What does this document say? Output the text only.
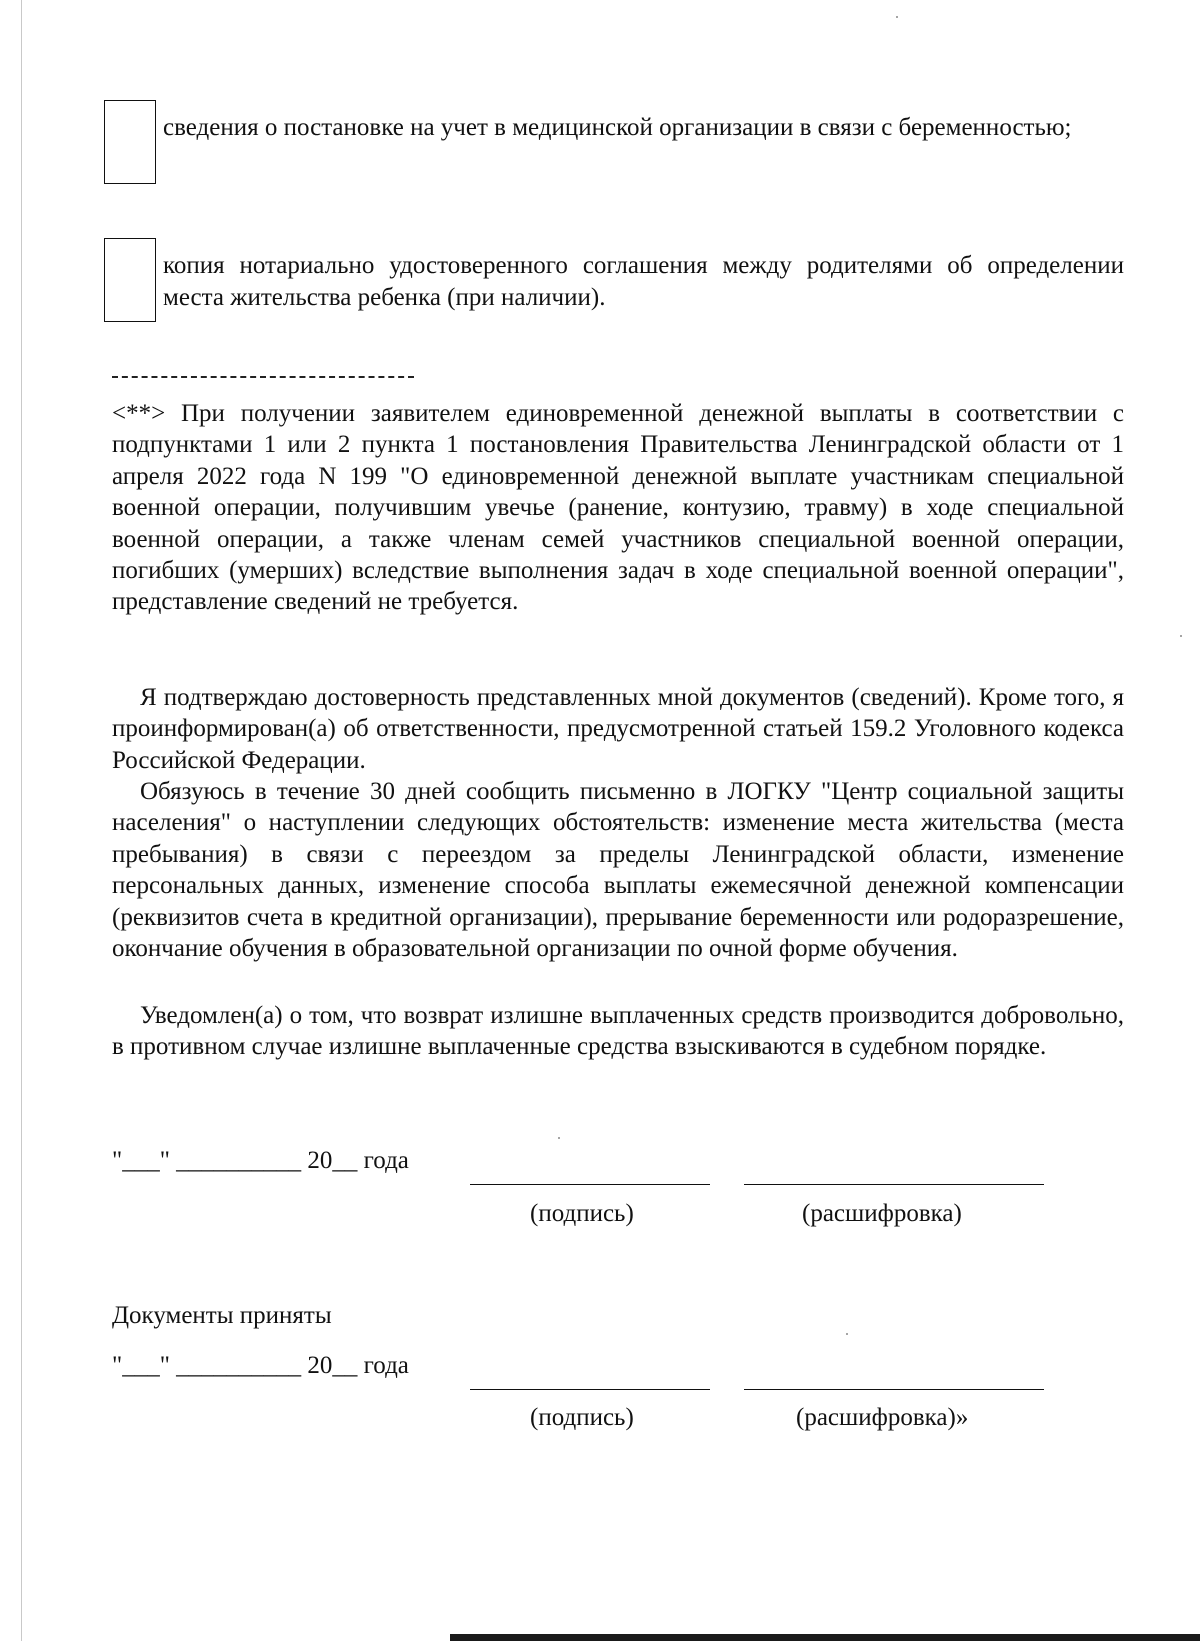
сведения о постановке на учет в медицинской организации в связи с беременностью;
копия нотариально удостоверенного соглашения между родителями об определении места жительства ребенка (при наличии).

<**> При получении заявителем единовременной денежной выплаты в соответствии с подпунктами 1 или 2 пункта 1 постановления Правительства Ленинградской области от 1 апреля 2022 года N 199 "О единовременной денежной выплате участникам специальной военной операции, получившим увечье (ранение, контузию, травму) в ходе специальной военной операции, а также членам семей участников специальной военной операции, погибших (умерших) вследствие выполнения задач в ходе специальной военной операции", представление сведений не требуется.

Я подтверждаю достоверность представленных мной документов (сведений). Кроме того, я проинформирован(а) об ответственности, предусмотренной статьей 159.2 Уголовного кодекса Российской Федерации.

Обязуюсь в течение 30 дней сообщить письменно в ЛОГКУ "Центр социальной защиты населения" о наступлении следующих обстоятельств: изменение места жительства (места пребывания) в связи с переездом за пределы Ленинградской области, изменение персональных данных, изменение способа выплаты ежемесячной денежной компенсации (реквизитов счета в кредитной организации), прерывание беременности или родоразрешение, окончание обучения в образовательной организации по очной форме обучения.

Уведомлен(а) о том, что возврат излишне выплаченных средств производится добровольно, в противном случае излишне выплаченные средства взыскиваются в судебном порядке.

"___" __________ 20__ года
(подпись)	(расшифровка)
Документы приняты
"___" __________ 20__ года
(подпись)	(расшифровка)»
